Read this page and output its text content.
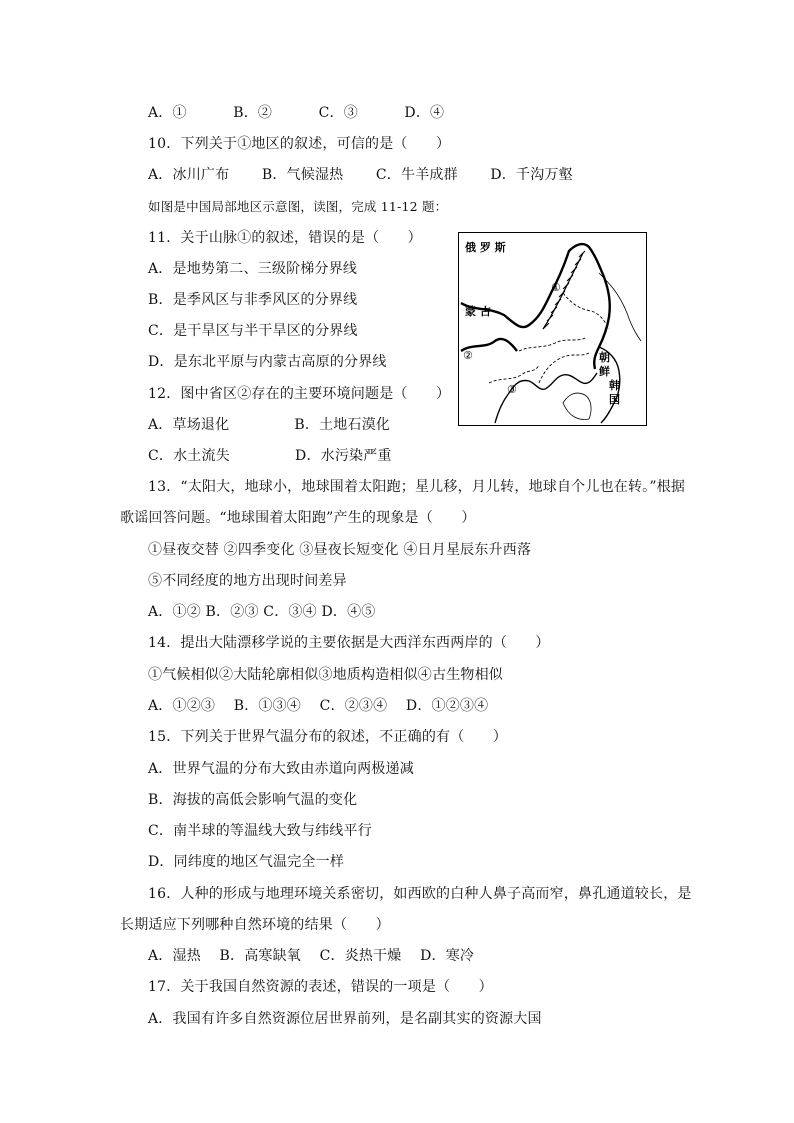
A．①          B．②          C．③          D．④
10．下列关于①地区的叙述，可信的是（　　）
A．冰川广布       B．气候湿热       C．牛羊成群       D．千沟万壑
如图是中国局部地区示意图，读图，完成 11-12 题：
11．关于山脉①的叙述，错误的是（　　）
A．是地势第二、三级阶梯分界线
B．是季风区与非季风区的分界线
C．是干旱区与半干旱区的分界线
D．是东北平原与内蒙古高原的分界线
12．图中省区②存在的主要环境问题是（　　）
A．草场退化              B．土地石漠化
C．水土流失              D．水污染严重
13．“太阳大，地球小，地球围着太阳跑；星儿移，月儿转，地球自个儿也在转。”根据
歌谣回答问题。“地球围着太阳跑”产生的现象是（　　）
①昼夜交替 ②四季变化 ③昼夜长短变化 ④日月星辰东升西落
⑤不同经度的地方出现时间差异
A．①② B．②③ C．③④ D．④⑤
14．提出大陆漂移学说的主要依据是大西洋东西两岸的（　　）
①气候相似②大陆轮廓相似③地质构造相似④古生物相似
A．①②③    B．①③④    C．②③④    D．①②③④
15．下列关于世界气温分布的叙述，不正确的有（　　）
A．世界气温的分布大致由赤道向两极递减
B．海拔的高低会影响气温的变化
C．南半球的等温线大致与纬线平行
D．同纬度的地区气温完全一样
16．人种的形成与地理环境关系密切，如西欧的白种人鼻子高而窄，鼻孔通道较长，是
长期适应下列哪种自然环境的结果（　　）
A．湿热    B．高寒缺氧    C．炎热干燥    D．寒冷
17．关于我国自然资源的表述，错误的一项是（　　）
A．我国有许多自然资源位居世界前列，是名副其实的资源大国
俄 罗 斯
蒙 古
朝
鲜
韩
国
①
②
③
